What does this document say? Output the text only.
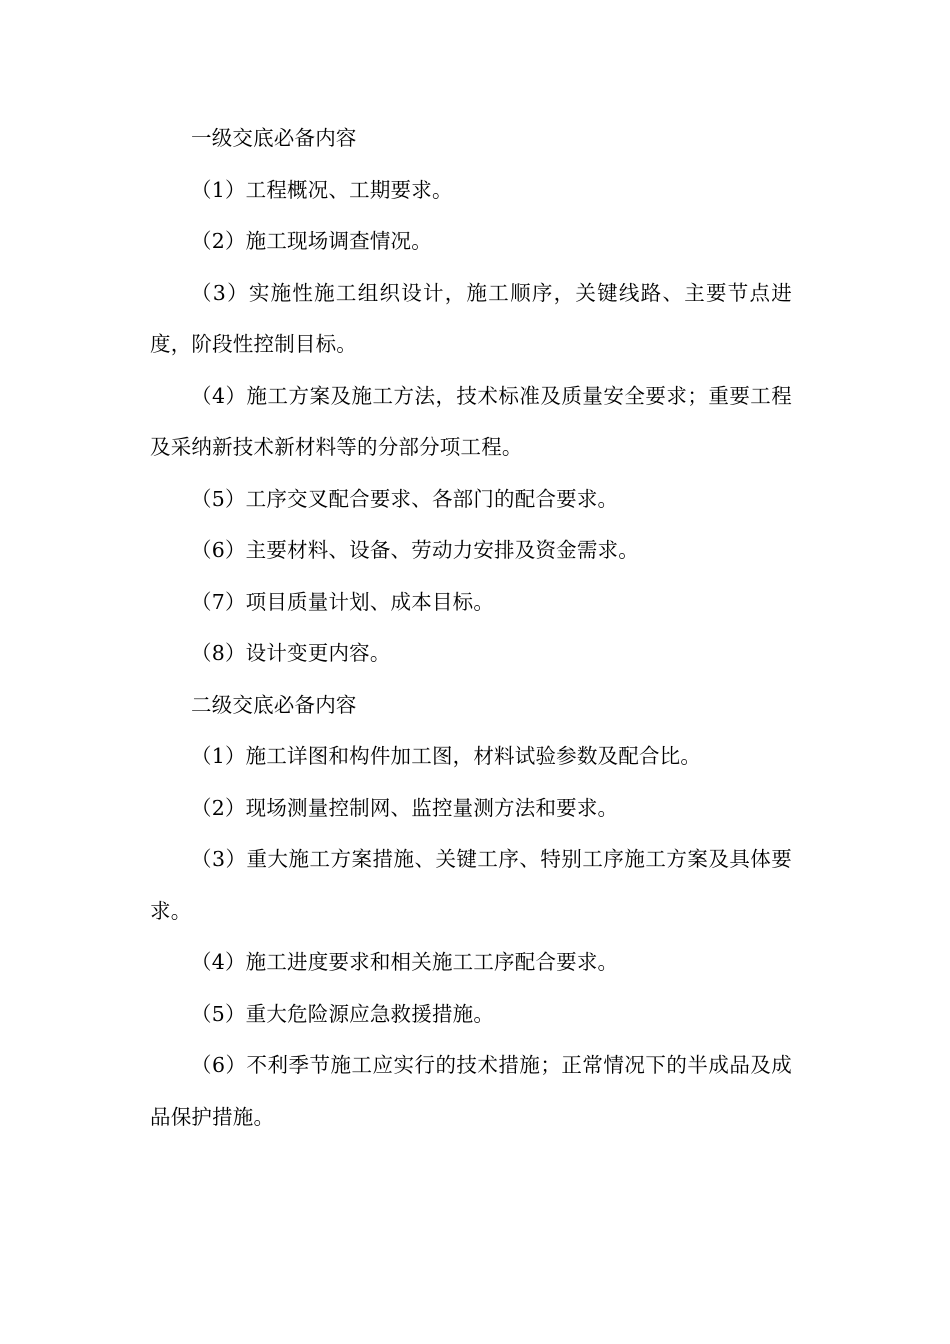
一级交底必备内容

（1）工程概况、工期要求。

（2）施工现场调查情况。

（3）实施性施工组织设计，施工顺序，关键线路、主要节点进度，阶段性控制目标。

（4）施工方案及施工方法，技术标准及质量安全要求；重要工程及采纳新技术新材料等的分部分项工程。

（5）工序交叉配合要求、各部门的配合要求。

（6）主要材料、设备、劳动力安排及资金需求。

（7）项目质量计划、成本目标。

（8）设计变更内容。

二级交底必备内容

（1）施工详图和构件加工图，材料试验参数及配合比。

（2）现场测量控制网、监控量测方法和要求。

（3）重大施工方案措施、关键工序、特别工序施工方案及具体要求。

（4）施工进度要求和相关施工工序配合要求。

（5）重大危险源应急救援措施。

（6）不利季节施工应实行的技术措施；正常情况下的半成品及成品保护措施。
